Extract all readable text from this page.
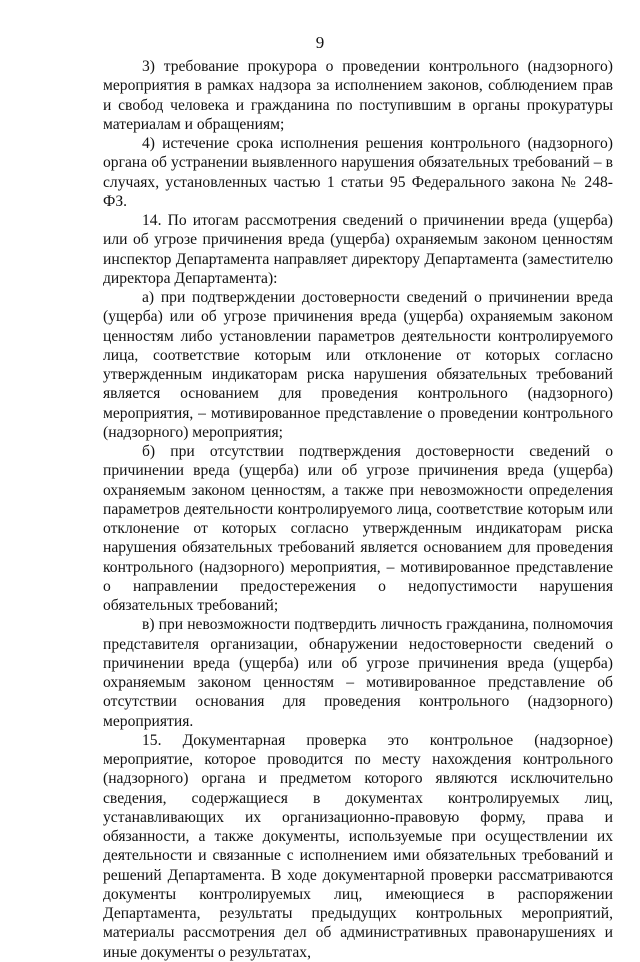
9

3) требование прокурора о проведении контрольного (надзорного) мероприятия в рамках надзора за исполнением законов, соблюдением прав и свобод человека и гражданина по поступившим в органы прокуратуры материалам и обращениям;

4) истечение срока исполнения решения контрольного (надзорного) органа об устранении выявленного нарушения обязательных требований – в случаях, установленных частью 1 статьи 95 Федерального закона № 248-ФЗ.

14. По итогам рассмотрения сведений о причинении вреда (ущерба) или об угрозе причинения вреда (ущерба) охраняемым законом ценностям инспектор Департамента направляет директору Департамента (заместителю директора Департамента):

а) при подтверждении достоверности сведений о причинении вреда (ущерба) или об угрозе причинения вреда (ущерба) охраняемым законом ценностям либо установлении параметров деятельности контролируемого лица, соответствие которым или отклонение от которых согласно утвержденным индикаторам риска нарушения обязательных требований является основанием для проведения контрольного (надзорного) мероприятия, – мотивированное представление о проведении контрольного (надзорного) мероприятия;

б) при отсутствии подтверждения достоверности сведений о причинении вреда (ущерба) или об угрозе причинения вреда (ущерба) охраняемым законом ценностям, а также при невозможности определения параметров деятельности контролируемого лица, соответствие которым или отклонение от которых согласно утвержденным индикаторам риска нарушения обязательных требований является основанием для проведения контрольного (надзорного) мероприятия, – мотивированное представление о направлении предостережения о недопустимости нарушения обязательных требований;

в) при невозможности подтвердить личность гражданина, полномочия представителя организации, обнаружении недостоверности сведений о причинении вреда (ущерба) или об угрозе причинения вреда (ущерба) охраняемым законом ценностям – мотивированное представление об отсутствии основания для проведения контрольного (надзорного) мероприятия.

15. Документарная проверка это контрольное (надзорное) мероприятие, которое проводится по месту нахождения контрольного (надзорного) органа и предметом которого являются исключительно сведения, содержащиеся в документах контролируемых лиц, устанавливающих их организационно-правовую форму, права и обязанности, а также документы, используемые при осуществлении их деятельности и связанные с исполнением ими обязательных требований и решений Департамента. В ходе документарной проверки рассматриваются документы контролируемых лиц, имеющиеся в распоряжении Департамента, результаты предыдущих контрольных мероприятий, материалы рассмотрения дел об административных правонарушениях и иные документы о результатах,
